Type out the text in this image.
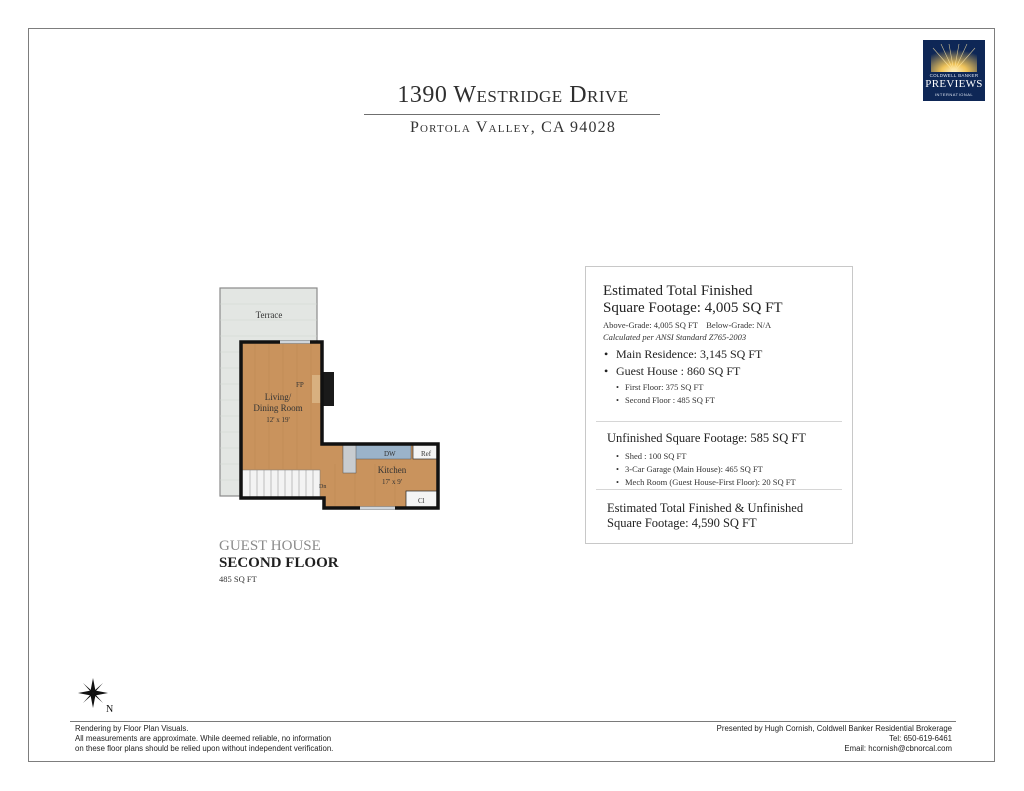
COLDWELL BANKER
PREVIEWS
INTERNATIONAL
1390 Westridge Drive
Portola Valley, CA 94028
Terrace
Living/
Dining Room
12' x 19'
FP
DW	Ref
Kitchen
17' x 9'
Cl
Dn
GUEST HOUSE
SECOND FLOOR
485 SQ FT
Estimated Total Finished
Square Footage: 4,005 SQ FT
Above-Grade: 4,005 SQ FT    Below-Grade: N/A
Calculated per ANSI Standard Z765-2003
• Main Residence: 3,145 SQ FT
• Guest House : 860 SQ FT
• First Floor: 375 SQ FT
• Second Floor : 485 SQ FT
Unfinished Square Footage: 585 SQ FT
• Shed : 100 SQ FT
• 3-Car Garage (Main House): 465 SQ FT
• Mech Room (Guest House-First Floor): 20 SQ FT
Estimated Total Finished & Unfinished
Square Footage: 4,590 SQ FT
N
Rendering by Floor Plan Visuals.
All measurements are approximate. While deemed reliable, no information
on these floor plans should be relied upon without independent verification.
Presented by Hugh Cornish, Coldwell Banker Residential Brokerage
Tel: 650-619-6461
Email: hcornish@cbnorcal.com
